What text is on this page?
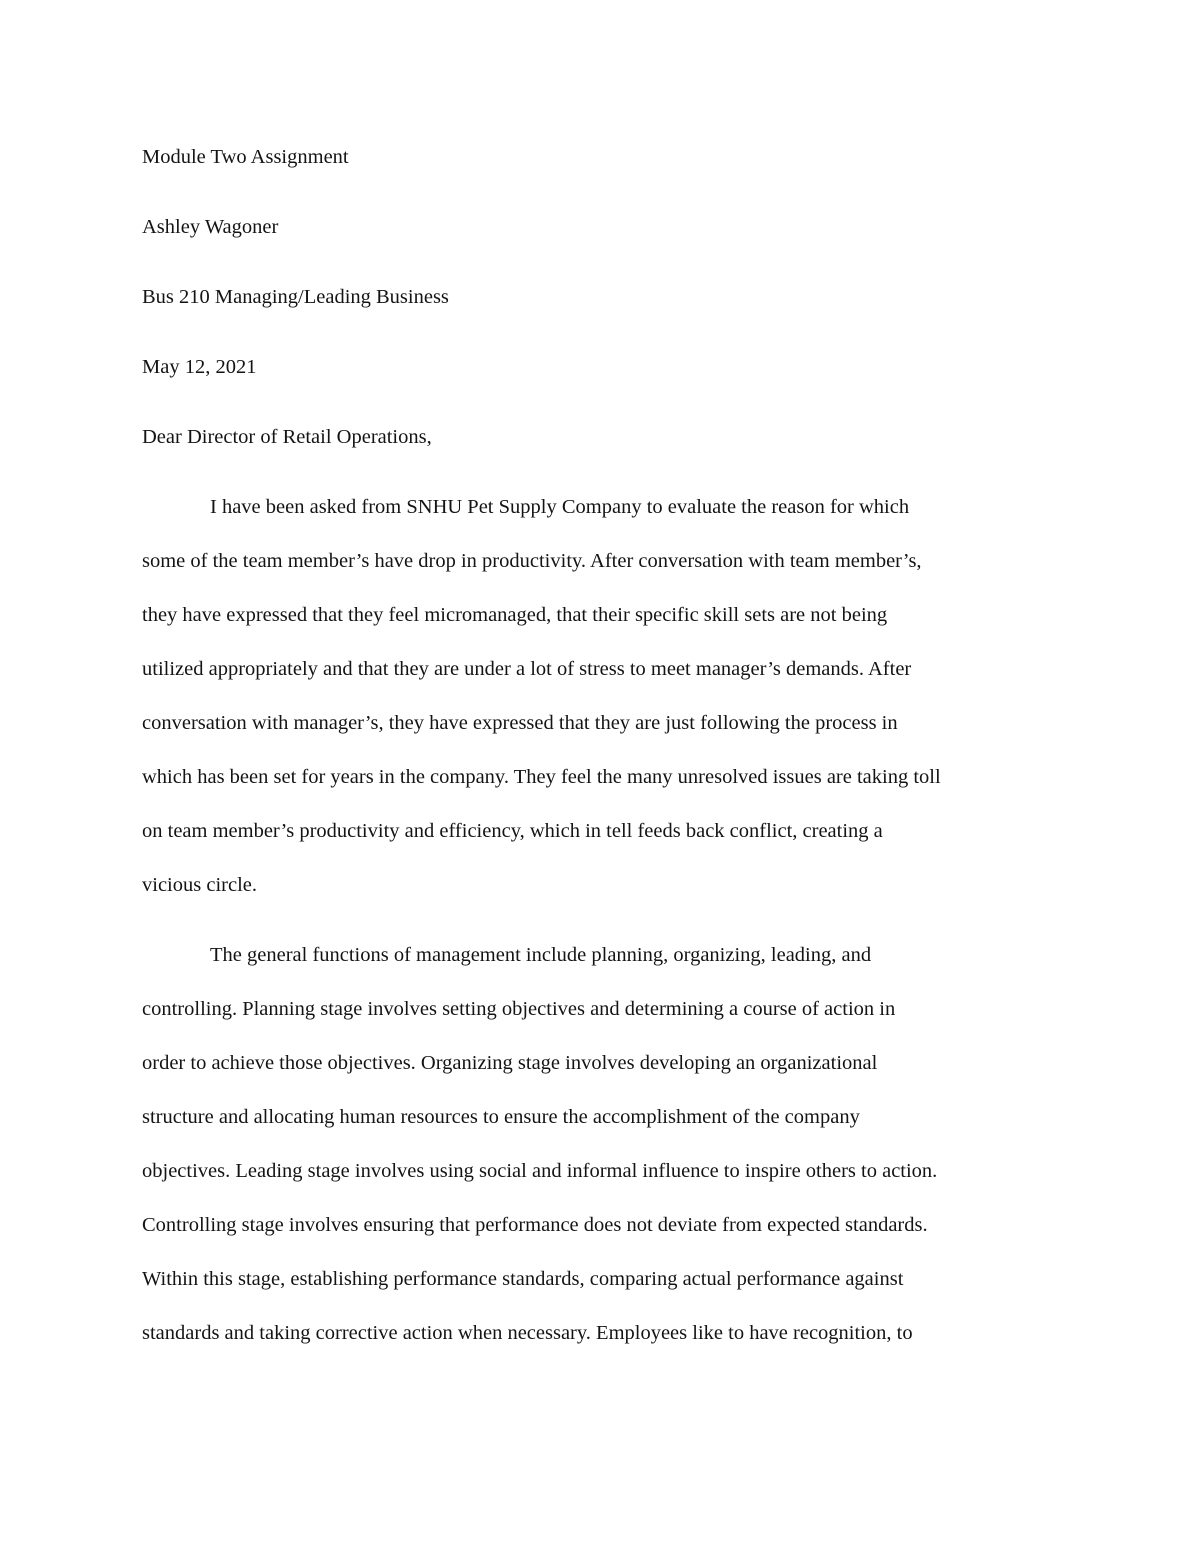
Module Two Assignment
Ashley Wagoner
Bus 210 Managing/Leading Business
May 12, 2021
Dear Director of Retail Operations,
I have been asked from SNHU Pet Supply Company to evaluate the reason for which
some of the team member’s have drop in productivity. After conversation with team member’s,
they have expressed that they feel micromanaged, that their specific skill sets are not being
utilized appropriately and that they are under a lot of stress to meet manager’s demands. After
conversation with manager’s, they have expressed that they are just following the process in
which has been set for years in the company. They feel the many unresolved issues are taking toll
on team member’s productivity and efficiency, which in tell feeds back conflict, creating a
vicious circle.
The general functions of management include planning, organizing, leading, and
controlling. Planning stage involves setting objectives and determining a course of action in
order to achieve those objectives. Organizing stage involves developing an organizational
structure and allocating human resources to ensure the accomplishment of the company
objectives. Leading stage involves using social and informal influence to inspire others to action.
Controlling stage involves ensuring that performance does not deviate from expected standards.
Within this stage, establishing performance standards, comparing actual performance against
standards and taking corrective action when necessary. Employees like to have recognition, to
